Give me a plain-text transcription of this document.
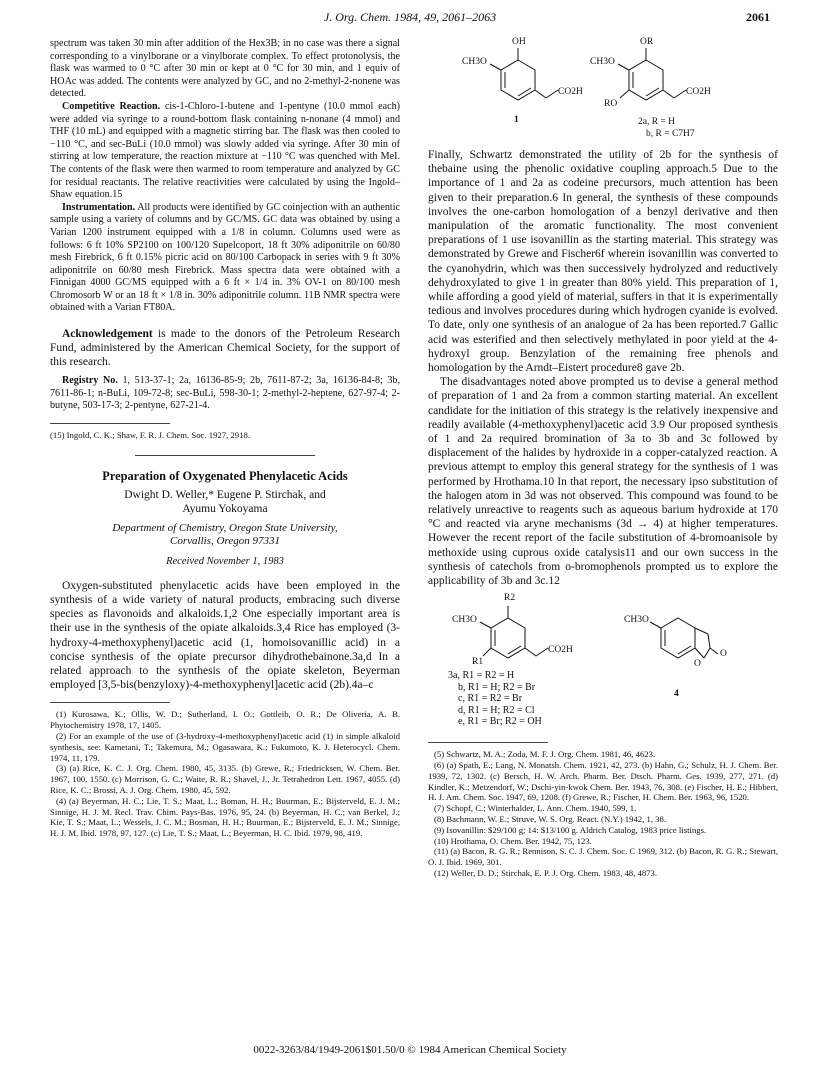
J. Org. Chem. 1984, 49, 2061–2063	2061

spectrum was taken 30 min after addition of the Hex3B; in no case was there a signal corresponding to a vinylborane or a vinylborate complex. To effect protonolysis, the flask was warmed to 0 °C after 30 min or kept at 0 °C for 30 min, and 1 equiv of HOAc was added. The contents were analyzed by GC, and no 2-methyl-2-nonene was detected.

Competitive Reaction. cis-1-Chloro-1-butene and 1-pentyne (10.0 mmol each) were added via syringe to a round-bottom flask containing n-nonane (4 mmol) and THF (10 mL) and equipped with a magnetic stirring bar. The flask was then cooled to −110 °C, and sec-BuLi (10.0 mmol) was slowly added via syringe. After 30 min of stirring at low temperature, the reaction mixture at −110 °C was quenched with MeI. The contents of the flask were then warmed to room temperature and analyzed by GC for residual reactants. The relative reactivities were calculated by using the Ingold–Shaw equation.15

Instrumentation. All products were identified by GC coinjection with an authentic sample using a variety of columns and by GC/MS. GC data was obtained by using a Varian 1200 instrument equipped with a 1/8 in column. Columns used were as follows: 6 ft 10% SP2100 on 100/120 Supelcoport, 18 ft 30% adiponitrile on 60/80 mesh Firebrick, 6 ft 0.15% picric acid on 80/100 Carbopack in series with 9 ft 30% adiponitrile on 60/80 mesh Firebrick. Mass spectra data were obtained with a Finnigan 4000 GC/MS equipped with a 6 ft × 1/4 in. 3% OV-1 on 80/100 mesh Chromosorb W or an 18 ft × 1/8 in. 30% adiponitrile column. 11B NMR spectra were obtained with a Varian FT80A.

Acknowledgement is made to the donors of the Petroleum Research Fund, administered by the American Chemical Society, for the support of this research.

Registry No. 1, 513-37-1; 2a, 16136-85-9; 2b, 7611-87-2; 3a, 16136-84-8; 3b, 7611-86-1; n-BuLi, 109-72-8; sec-BuLi, 598-30-1; 2-methyl-2-heptene, 627-97-4; 2-butyne, 503-17-3; 2-pentyne, 627-21-4.

(15) Ingold, C. K.; Shaw, F. R. J. Chem. Soc. 1927, 2918.

Preparation of Oxygenated Phenylacetic Acids
Dwight D. Weller,* Eugene P. Stirchak, and
Ayumu Yokoyama
Department of Chemistry, Oregon State University,
Corvallis, Oregon 97331
Received November 1, 1983

Oxygen-substituted phenylacetic acids have been employed in the synthesis of a wide variety of natural products, embracing such diverse species as flavonoids and alkaloids.1,2 One especially important area is their use in the synthesis of the opiate alkaloids.3,4 Rice has employed (3-hydroxy-4-methoxyphenyl)acetic acid (1, homoisovanillic acid) in a concise synthesis of the opiate precursor dihydrothebainone.3a,d In a related approach to the synthesis of the opiate skeleton, Beyerman employed [3,5-bis(benzyloxy)-4-methoxyphenyl]acetic acid (2b).4a–c

(1) Kurosawa, K.; Ollis, W. D.; Sutherland, I. O.; Gottleib, O. R.; De Oliveria, A. B. Phytochemistry 1978, 17, 1405.
(2) For an example of the use of (3-hydroxy-4-methoxyphenyl)acetic acid (1) in simple alkaloid synthesis, see: Kametani, T.; Takemura, M.; Ogasawara, K.; Fukumoto, K. J. Heterocycl. Chem. 1974, 11, 179.
(3) (a) Rice, K. C. J. Org. Chem. 1980, 45, 3135. (b) Grewe, R.; Friedricksen, W. Chem. Ber. 1967, 100, 1550. (c) Morrison, G. C.; Waite, R. R.; Shavel, J., Jr. Tetrahedron Lett. 1967, 4055. (d) Rice, K. C.; Brossi, A. J. Org. Chem. 1980, 45, 592.
(4) (a) Beyerman, H. C.; Lie, T. S.; Maat, L.; Boman, H. H.; Buurman, E.; Bijsterveld, E. J. M.; Sinnige, H. J. M. Recl. Trav. Chim. Pays-Bas. 1976, 95, 24. (b) Beyerman, H. C.; van Berkel, J.; Kie, T. S.; Maat, L.; Wessels, J. C. M.; Bosman, H. H.; Buurman, E.; Bijsterveld, E. J. M.; Sinnige, H. J. M. Ibid. 1978, 97, 127. (c) Lie, T. S.; Maat, L.; Beyerman, H. C. Ibid. 1979, 98, 419.
OH
CH3O
CO2H
1
OR
CH3O
RO
CO2H
2a, R = H
b, R = C7H7

Finally, Schwartz demonstrated the utility of 2b for the synthesis of thebaine using the phenolic oxidative coupling approach.5 Due to the importance of 1 and 2a as codeine precursors, much attention has been given to their preparation.6 In general, the synthesis of these compounds involves the one-carbon homologation of a benzyl derivative and then manipulation of the aromatic functionality. The most convenient preparations of 1 use isovanillin as the starting material. This strategy was demonstrated by Grewe and Fischer6f wherein isovanillin was converted to the cyanohydrin, which was then successively hydrolyzed and reductively dehydroxylated to give 1 in greater than 80% yield. This preparation of 1, while affording a good yield of material, suffers in that it is experimentally tedious and involves procedures during which hydrogen cyanide is evolved. To date, only one synthesis of an analogue of 2a has been reported.7 Gallic acid was esterified and then selectively methylated in poor yield at the 4-hydroxyl group. Benzylation of the remaining free phenols and homologation by the Arndt–Eistert procedure8 gave 2b.

The disadvantages noted above prompted us to devise a general method of preparation of 1 and 2a from a common starting material. An excellent candidate for the initiation of this strategy is the relatively inexpensive and readily available (4-methoxyphenyl)acetic acid 3.9 Our proposed synthesis of 1 and 2a required bromination of 3a to 3b and 3c followed by displacement of the halides by hydroxide in a copper-catalyzed reaction. A previous attempt to employ this general strategy for the synthesis of 1 was performed by Hrothama.10 In that report, the necessary ipso substitution of the halogen atom in 3d was not observed. This compound was found to be relatively unreactive to reagents such as aqueous barium hydroxide at 170 °C and reacted via aryne mechanisms (3d → 4) at higher temperatures. However the recent report of the facile substitution of 4-bromoanisole by methoxide using cuprous oxide catalysis11 and our own success in the synthesis of catechols from o-bromophenols prompted us to explore the applicability of 3b and 3c.12

R2
CH3O
R1
CO2H
CH3O
O
O
4
3a, R1 = R2 = H
b, R1 = H; R2 = Br
c, R1 = R2 = Br
d, R1 = H; R2 = Cl
e, R1 = Br; R2 = OH
(5) Schwartz, M. A.; Zoda, M. F. J. Org. Chem. 1981, 46, 4623.
(6) (a) Spath, E.; Lang, N. Monatsh. Chem. 1921, 42, 273. (b) Hahn, G.; Schulz, H. J. Chem. Ber. 1939, 72, 1302. (c) Bersch, H. W. Arch. Pharm. Ber. Dtsch. Pharm. Ges. 1939, 277, 271. (d) Kindler, K.; Metzendorf, W.; Dschi-yin-kwok Chem. Ber. 1943, 76, 308. (e) Fischer, H. E.; Hibbert, H. J. Am. Chem. Soc. 1947, 69, 1208. (f) Grewe, R.; Fischer, H. Chem. Ber. 1963, 96, 1520.
(7) Schopf, C.; Winterhalder, L. Ann. Chem. 1940, 599, 1.
(8) Bachmann, W. E.; Struve, W. S. Org. React. (N.Y.) 1942, 1, 38.
(9) Isovanillin: $29/100 g; 14: $13/100 g. Aldrich Catalog, 1983 price listings.
(10) Hrothama, O. Chem. Ber. 1942, 75, 123.
(11) (a) Bacon, R. G. R.; Rennison, S. C. J. Chem. Soc. C 1969, 312. (b) Bacon, R. G. R.; Stewart, O. J. Ibid. 1969, 301.
(12) Weller, D. D.; Stirchak, E. P. J. Org. Chem. 1983, 48, 4873.
0022-3263/84/1949-2061$01.50/0 © 1984 American Chemical Society
